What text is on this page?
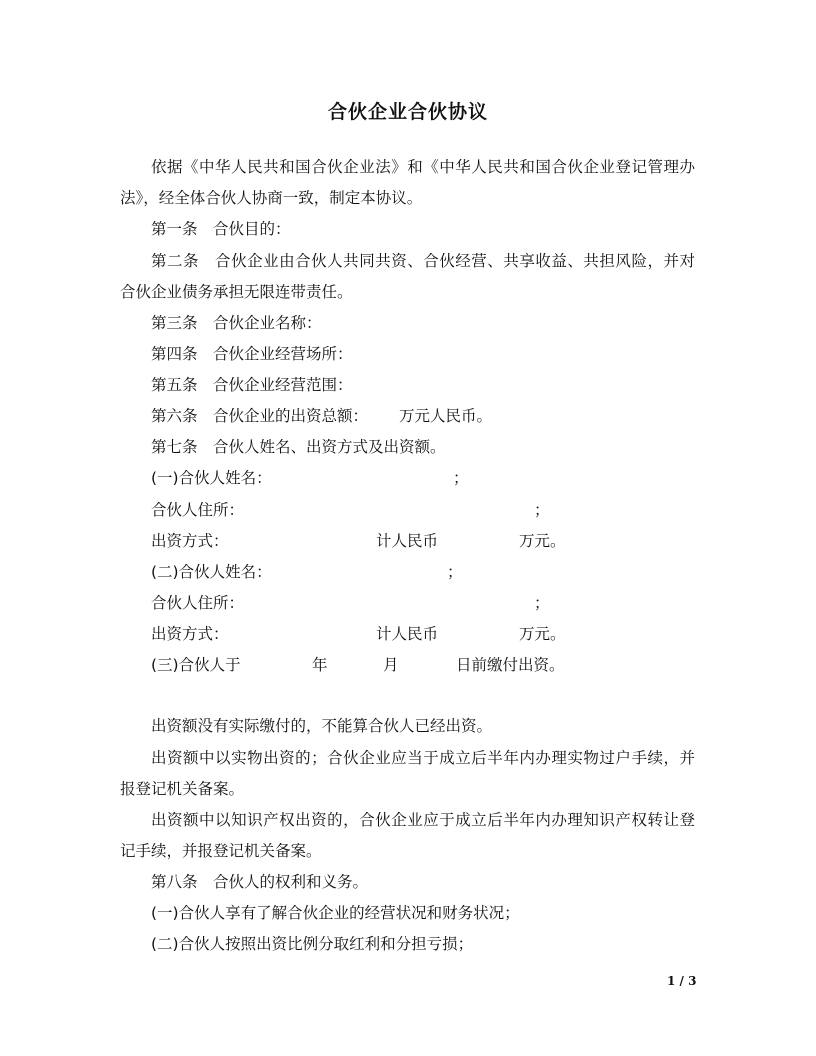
合伙企业合伙协议
依据《中华人民共和国合伙企业法》和《中华人民共和国合伙企业登记管理办
法》，经全体合伙人协商一致，制定本协议。
第一条　合伙目的：
第二条　合伙企业由合伙人共同共资、合伙经营、共享收益、共担风险，并对
合伙企业债务承担无限连带责任。
第三条　合伙企业名称：
第四条　合伙企业经营场所：
第五条　合伙企业经营范围：
第六条　合伙企业的出资总额： 万元人民币。
第七条　合伙人姓名、出资方式及出资额。
(一)合伙人姓名：	；
合伙人住所：	；
出资方式：	计人民币	万元。
(二)合伙人姓名：	；
合伙人住所：	；
出资方式：	计人民币	万元。
(三)合伙人于	年	月	日前缴付出资。
出资额没有实际缴付的，不能算合伙人已经出资。
出资额中以实物出资的；合伙企业应当于成立后半年内办理实物过户手续，并
报登记机关备案。
出资额中以知识产权出资的，合伙企业应于成立后半年内办理知识产权转让登
记手续，并报登记机关备案。
第八条　合伙人的权利和义务。
(一)合伙人享有了解合伙企业的经营状况和财务状况；
(二)合伙人按照出资比例分取红利和分担亏损；
1 / 3
